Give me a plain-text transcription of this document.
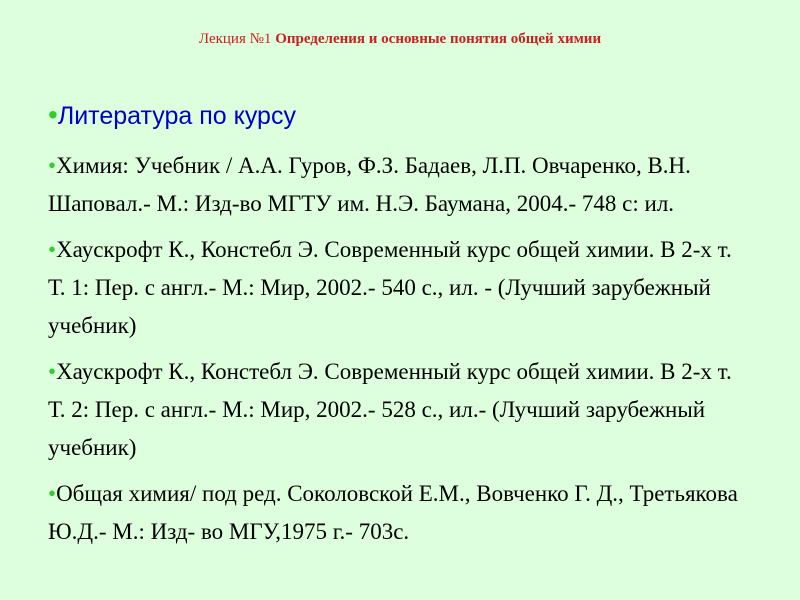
Лекция №1 Определения и основные понятия общей химии
•Литература по курсу
•Химия: Учебник / А.А. Гуров, Ф.З. Бадаев, Л.П. Овчаренко, В.Н. Шаповал.- М.: Изд-во МГТУ им. Н.Э. Баумана, 2004.- 748 с: ил.
•Хаускрофт К., Констебл Э. Современный курс общей химии. В 2-х т. Т. 1: Пер. с англ.- М.: Мир, 2002.- 540 с., ил. - (Лучший зарубежный учебник)
•Хаускрофт К., Констебл Э. Современный курс общей химии. В 2-х т. Т. 2: Пер. с англ.- М.: Мир, 2002.- 528 с., ил.- (Лучший зарубежный учебник)
•Общая химия/ под ред. Соколовской Е.М., Вовченко Г. Д., Третьякова Ю.Д.- М.: Изд- во МГУ,1975 г.- 703с.
